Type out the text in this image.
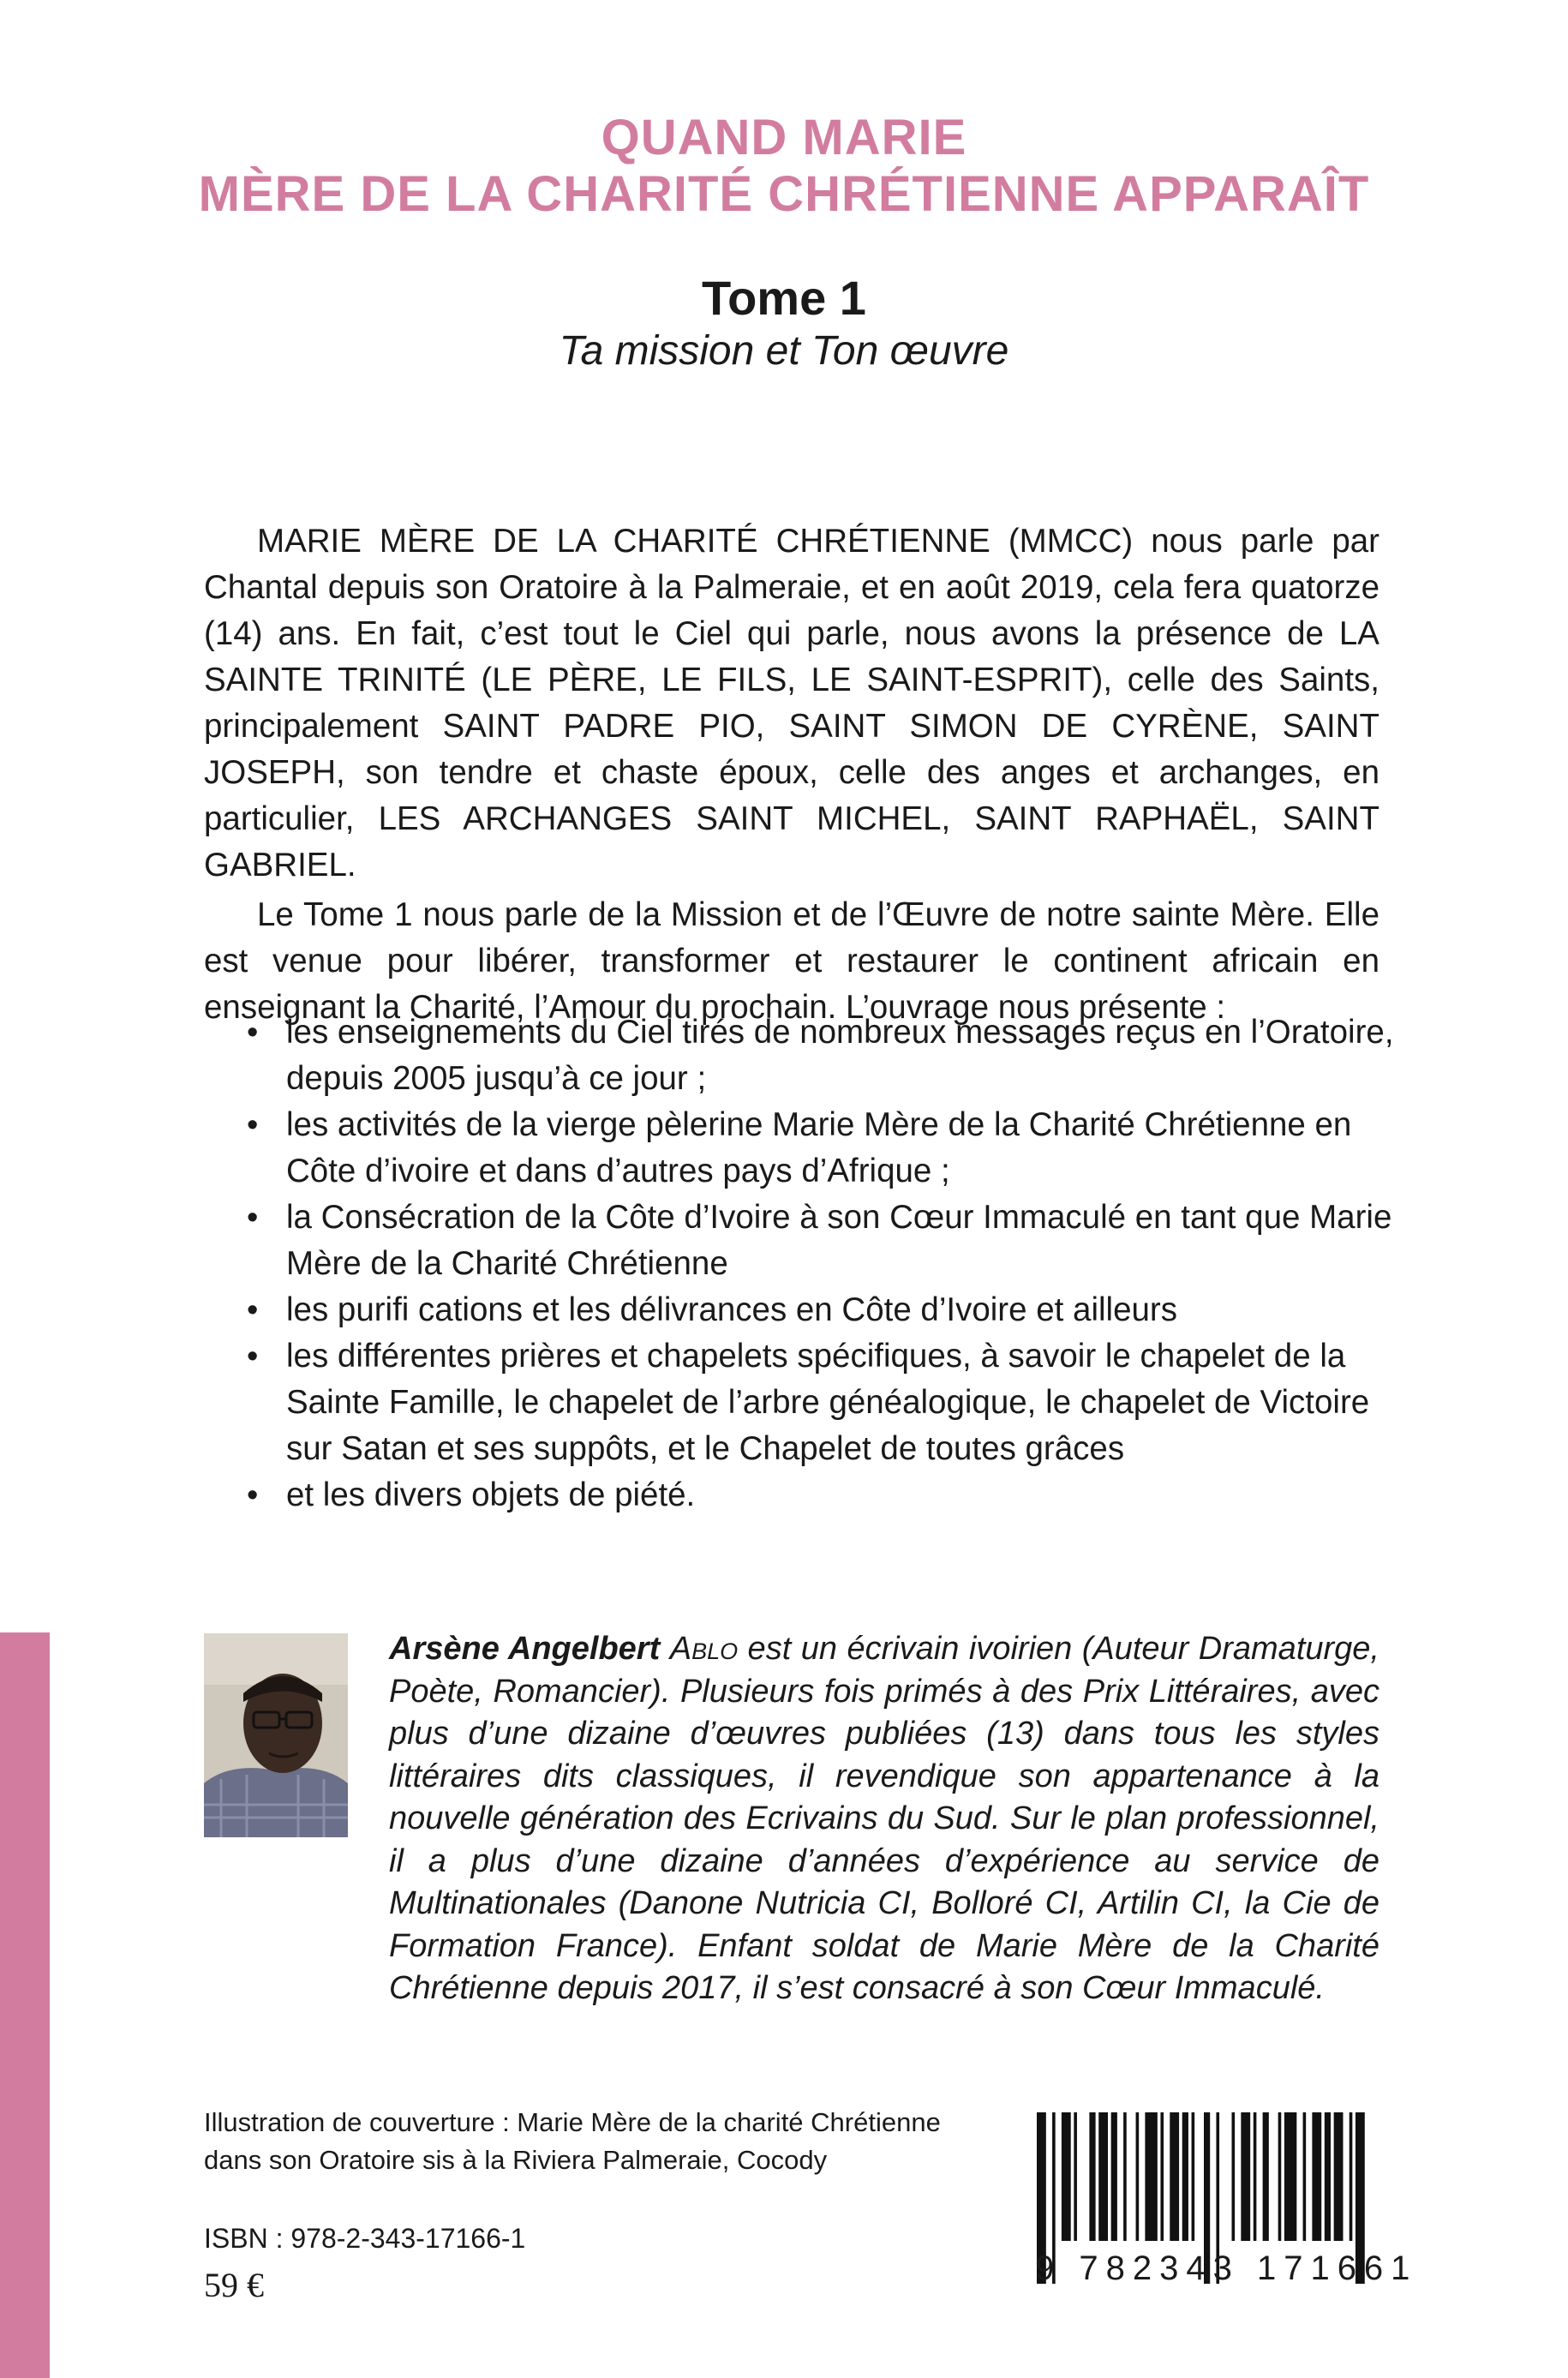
QUAND MARIE
MÈRE DE LA CHARITÉ CHRÉTIENNE APPARAÎT
Tome 1
Ta mission et Ton œuvre

MARIE MÈRE DE LA CHARITÉ CHRÉTIENNE (MMCC) nous parle par Chantal depuis son Oratoire à la Palmeraie, et en août 2019, cela fera quatorze (14) ans. En fait, c’est tout le Ciel qui parle, nous avons la présence de LA SAINTE TRINITÉ (LE PÈRE, LE FILS, LE SAINT-ESPRIT), celle des Saints, principalement SAINT PADRE PIO, SAINT SIMON DE CYRÈNE, SAINT JOSEPH, son tendre et chaste époux, celle des anges et archanges, en particulier, LES ARCHANGES SAINT MICHEL, SAINT RAPHAËL, SAINT GABRIEL.

Le Tome 1 nous parle de la Mission et de l’Œuvre de notre sainte Mère. Elle est venue pour libérer, transformer et restaurer le continent africain en enseignant la Charité, l’Amour du prochain. L’ouvrage nous présente :

• les enseignements du Ciel tirés de nombreux messages reçus en l’Oratoire, depuis 2005 jusqu’à ce jour ;
• les activités de la vierge pèlerine Marie Mère de la Charité Chrétienne en Côte d’ivoire et dans d’autres pays d’Afrique ;
• la Consécration de la Côte d’Ivoire à son Cœur Immaculé en tant que Marie Mère de la Charité Chrétienne
• les purifi cations et les délivrances en Côte d’Ivoire et ailleurs
• les différentes prières et chapelets spécifiques, à savoir le chapelet de la Sainte Famille, le chapelet de l’arbre généalogique, le chapelet de Victoire sur Satan et ses suppôts, et le Chapelet de toutes grâces
• et les divers objets de piété.
Arsène Angelbert Ablo est un écrivain ivoirien (Auteur Dramaturge, Poète, Romancier). Plusieurs fois primés à des Prix Littéraires, avec plus d’une dizaine d’œuvres publiées (13) dans tous les styles littéraires dits classiques, il revendique son appartenance à la nouvelle génération des Ecrivains du Sud. Sur le plan professionnel, il a plus d’une dizaine d’années d’expérience au service de Multinationales (Danone Nutricia CI, Bolloré CI, Artilin CI, la Cie de Formation France). Enfant soldat de Marie Mère de la Charité Chrétienne depuis 2017, il s’est consacré à son Cœur Immaculé.
Illustration de couverture : Marie Mère de la charité Chrétienne
dans son Oratoire sis à la Riviera Palmeraie, Cocody
ISBN : 978-2-343-17166-1
59 €	9 782343 171661
